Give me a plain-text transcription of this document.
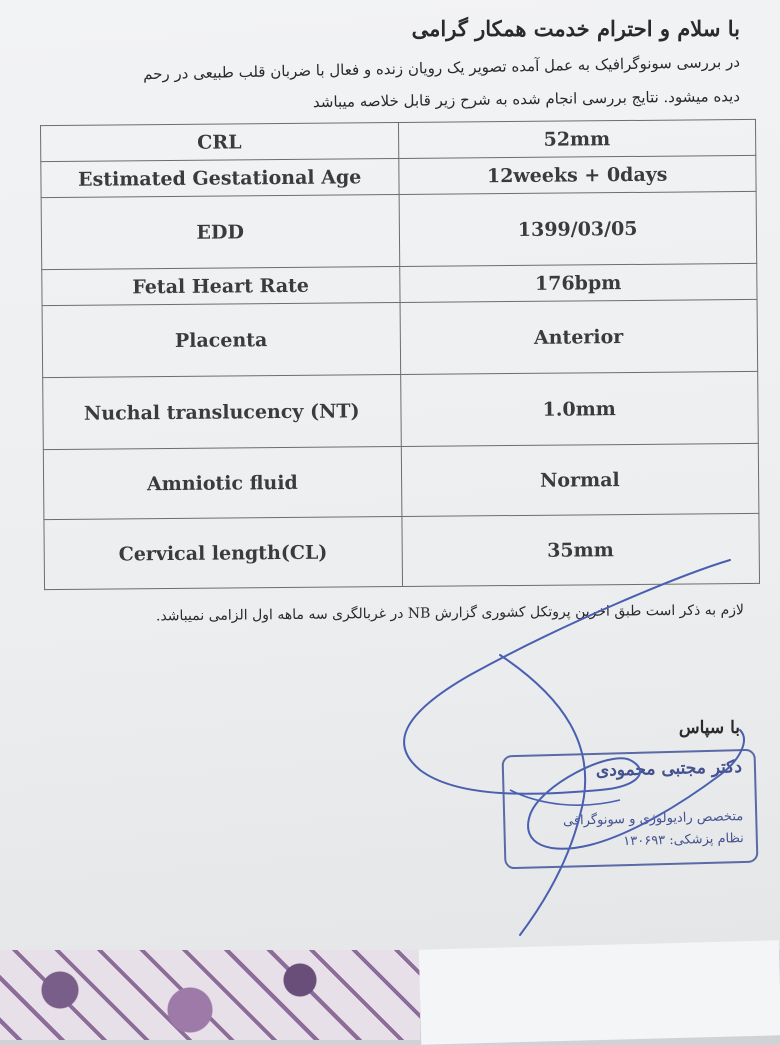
با سلام و احترام خدمت همکار گرامی
در بررسی سونوگرافیک به عمل آمده تصویر یک رویان زنده و فعال با ضربان قلب طبیعی در رحم
دیده میشود. نتایج بررسی انجام شده به شرح زیر قابل خلاصه میباشد
CRL	52mm
Estimated Gestational Age	12weeks + 0days
EDD	1399/03/05
Fetal Heart Rate	176bpm
Placenta	Anterior
Nuchal translucency (NT)	1.0mm
Amniotic fluid	Normal
Cervical length(CL)	35mm
لازم به ذکر است طبق اخرین پروتکل کشوری گزارش NB در غربالگری سه ماهه اول الزامی نمیباشد.
با سپاس
دکتر مجتبی محمودی
متخصص رادیولوژی و سونوگرافی
نظام پزشکی: ۱۳۰۶۹۳
